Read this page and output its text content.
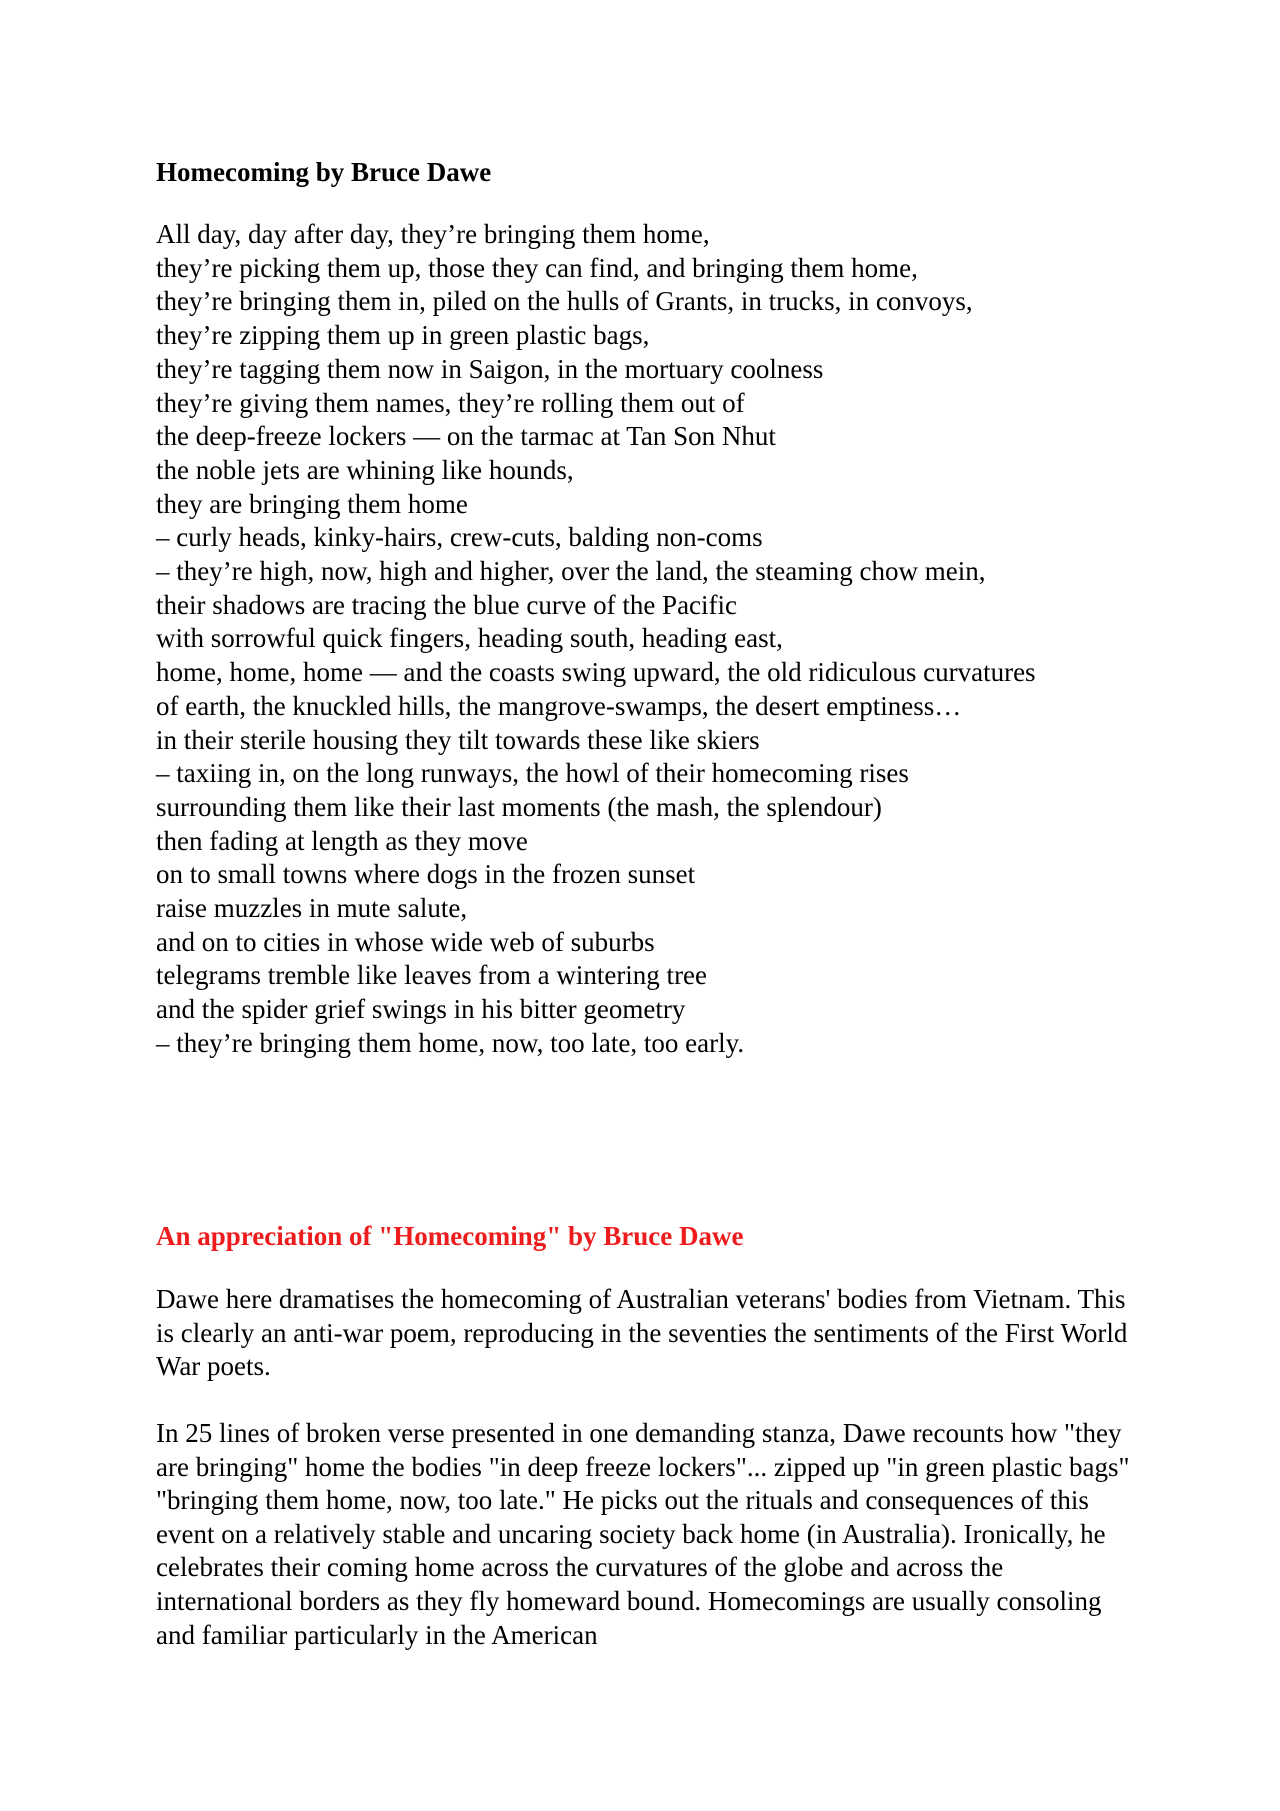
Homecoming by Bruce Dawe
All day, day after day, they’re bringing them home,
they’re picking them up, those they can find, and bringing them home,
they’re bringing them in, piled on the hulls of Grants, in trucks, in convoys,
they’re zipping them up in green plastic bags,
they’re tagging them now in Saigon, in the mortuary coolness
they’re giving them names, they’re rolling them out of
the deep-freeze lockers — on the tarmac at Tan Son Nhut
the noble jets are whining like hounds,
they are bringing them home
– curly heads, kinky-hairs, crew-cuts, balding non-coms
– they’re high, now, high and higher, over the land, the steaming chow mein,
their shadows are tracing the blue curve of the Pacific
with sorrowful quick fingers, heading south, heading east,
home, home, home — and the coasts swing upward, the old ridiculous curvatures
of earth, the knuckled hills, the mangrove-swamps, the desert emptiness…
in their sterile housing they tilt towards these like skiers
– taxiing in, on the long runways, the howl of their homecoming rises
surrounding them like their last moments (the mash, the splendour)
then fading at length as they move
on to small towns where dogs in the frozen sunset
raise muzzles in mute salute,
and on to cities in whose wide web of suburbs
telegrams tremble like leaves from a wintering tree
and the spider grief swings in his bitter geometry
– they’re bringing them home, now, too late, too early.
An appreciation of "Homecoming" by Bruce Dawe

Dawe here dramatises the homecoming of Australian veterans' bodies from Vietnam. This is clearly an anti-war poem, reproducing in the seventies the sentiments of the First World War poets.

In 25 lines of broken verse presented in one demanding stanza, Dawe recounts how "they are bringing" home the bodies "in deep freeze lockers"... zipped up "in green plastic bags" "bringing them home, now, too late." He picks out the rituals and consequences of this event on a relatively stable and uncaring society back home (in Australia). Ironically, he celebrates their coming home across the curvatures of the globe and across the international borders as they fly homeward bound. Homecomings are usually consoling and familiar particularly in the American
